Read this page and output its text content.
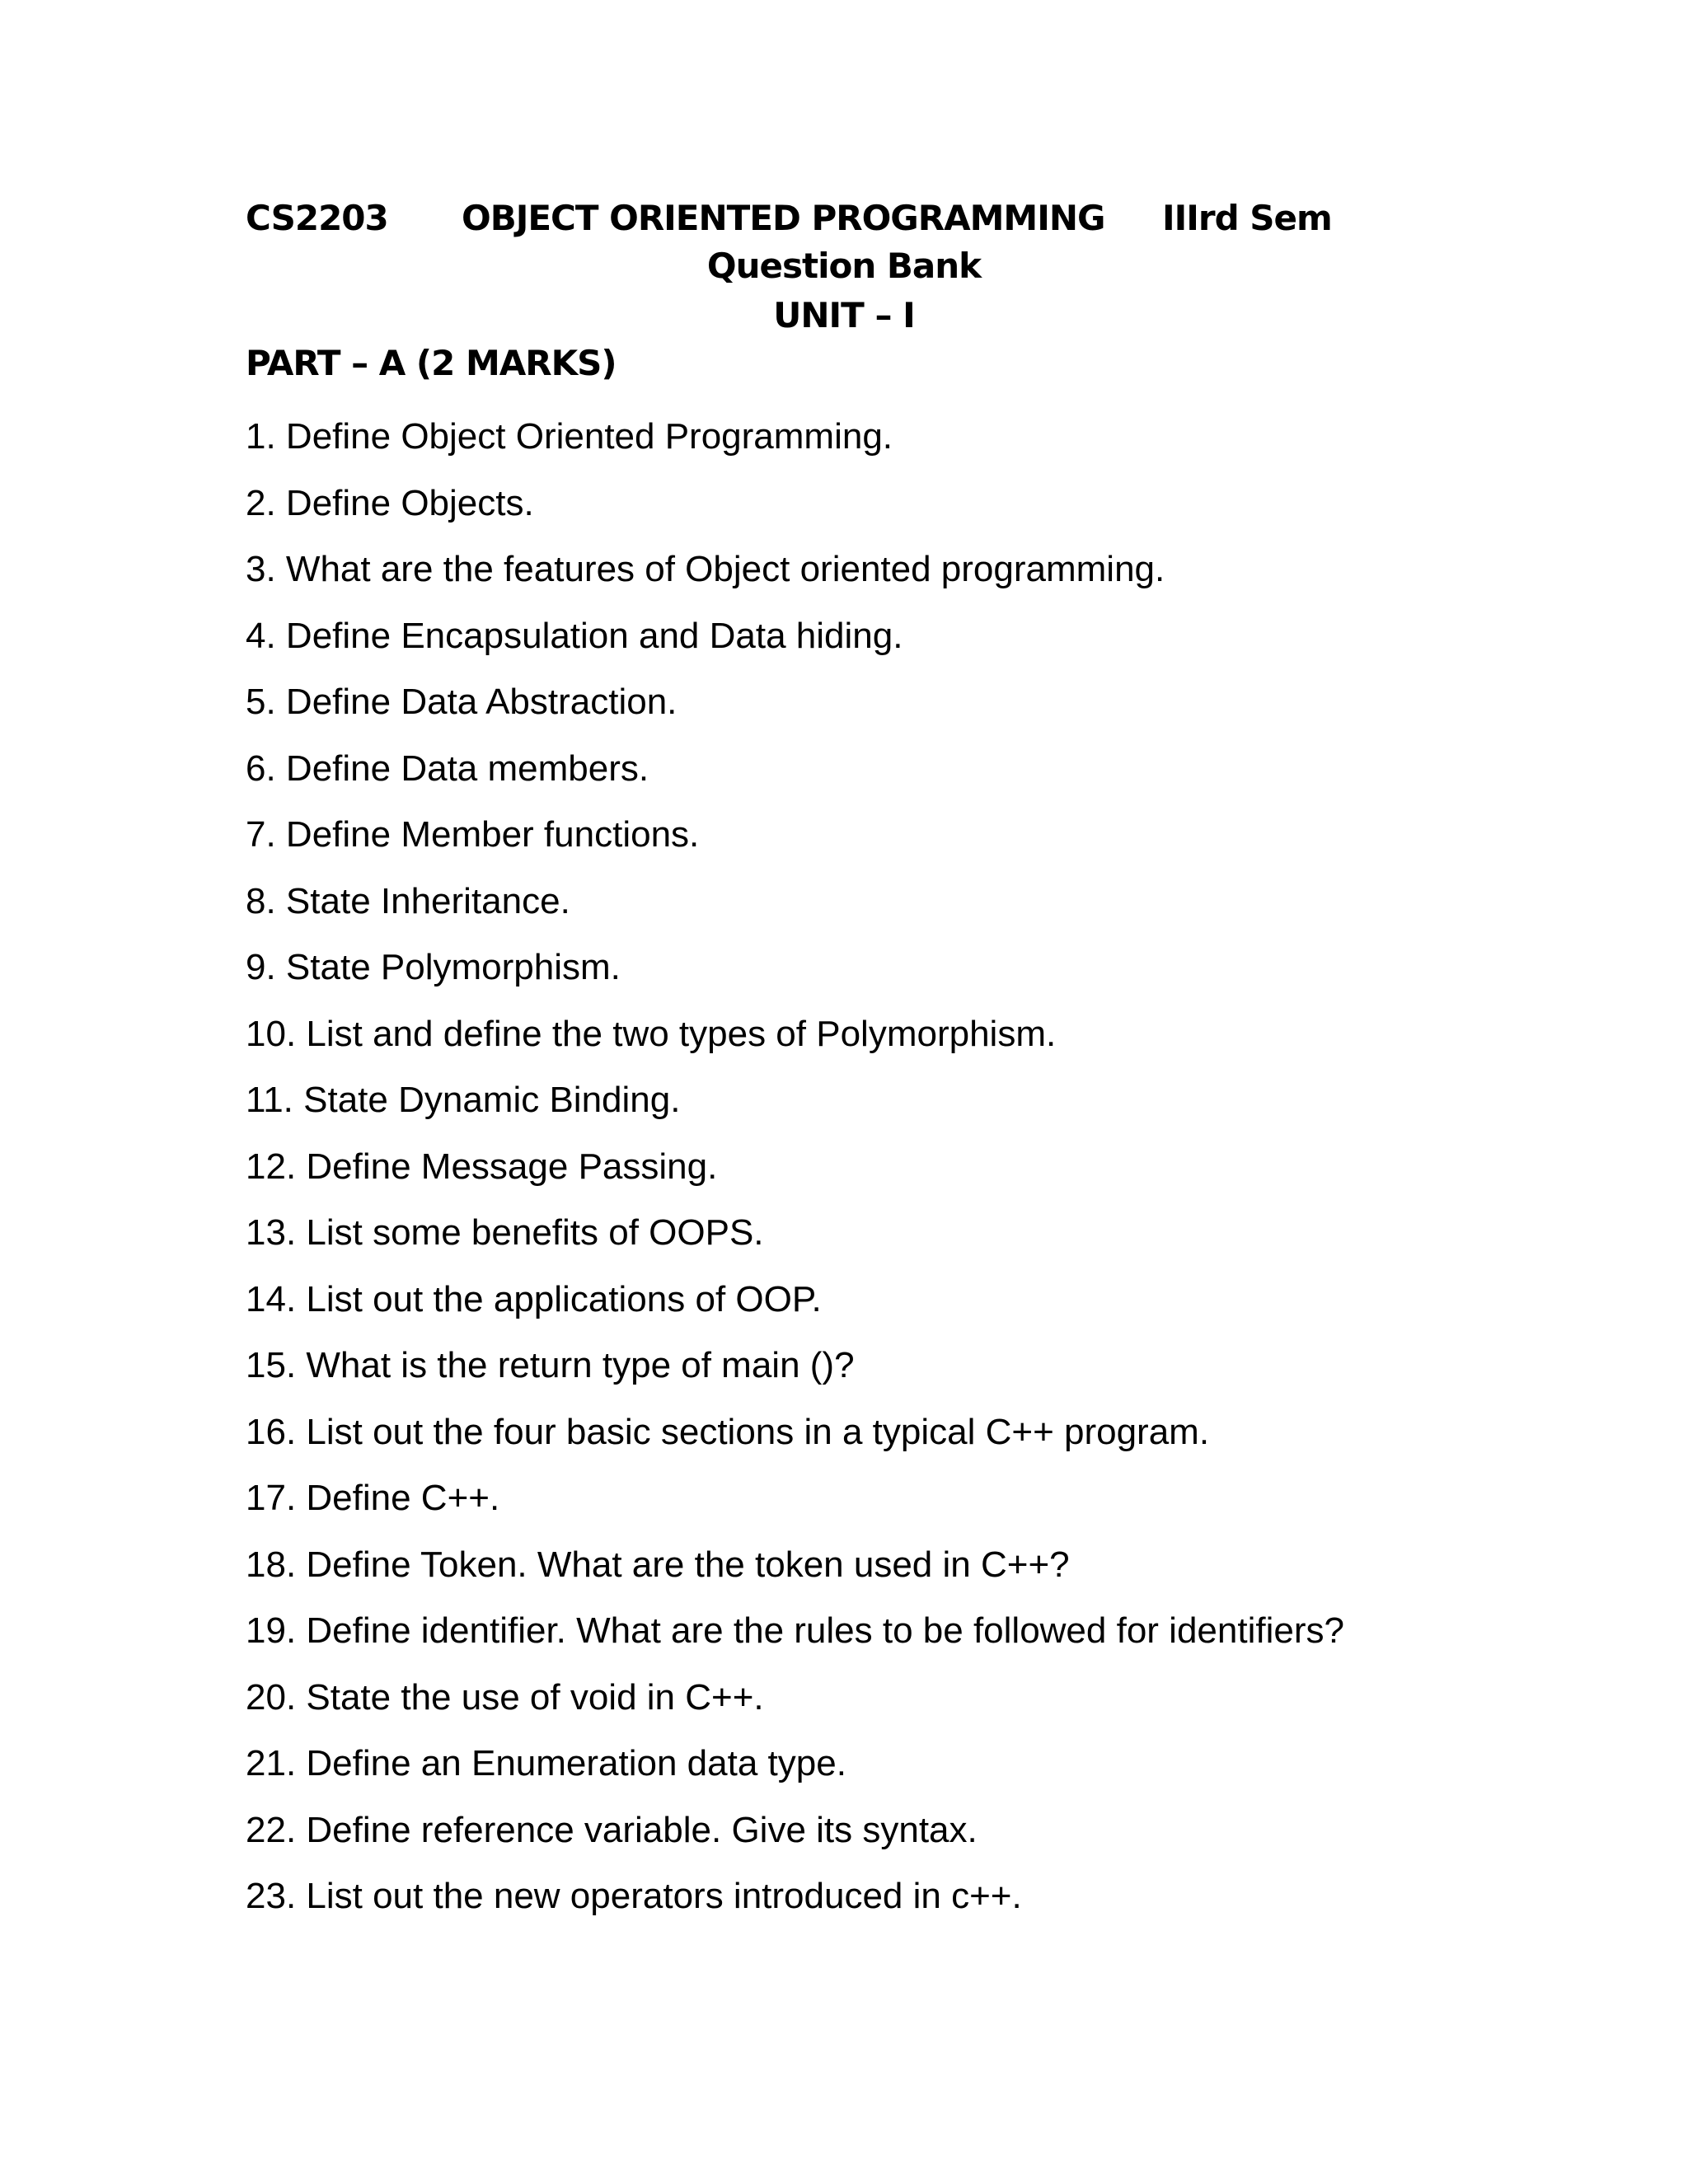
CS2203 OBJECT ORIENTED PROGRAMMING IIIrd Sem
Question Bank
UNIT – I
PART – A (2 MARKS)
1. Define Object Oriented Programming.
2. Define Objects.
3. What are the features of Object oriented programming.
4. Define Encapsulation and Data hiding.
5. Define Data Abstraction.
6. Define Data members.
7. Define Member functions.
8. State Inheritance.
9. State Polymorphism.
10. List and define the two types of Polymorphism.
11. State Dynamic Binding.
12. Define Message Passing.
13. List some benefits of OOPS.
14. List out the applications of OOP.
15. What is the return type of main ()?
16. List out the four basic sections in a typical C++ program.
17. Define C++.
18. Define Token. What are the token used in C++?
19. Define identifier. What are the rules to be followed for identifiers?
20. State the use of void in C++.
21. Define an Enumeration data type.
22. Define reference variable. Give its syntax.
23. List out the new operators introduced in c++.
